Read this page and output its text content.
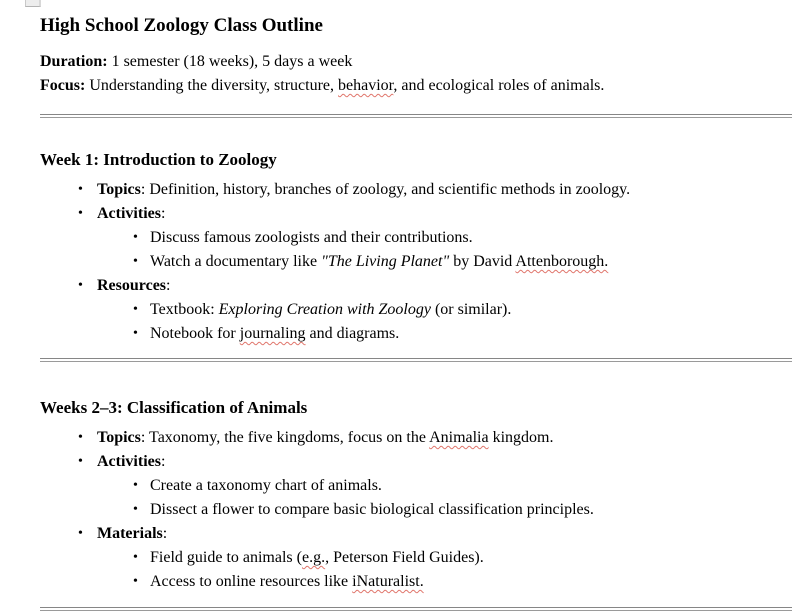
High School Zoology Class Outline

Duration: 1 semester (18 weeks), 5 days a week

Focus: Understanding the diversity, structure, behavior, and ecological roles of animals.

Week 1: Introduction to Zoology
• Topics: Definition, history, branches of zoology, and scientific methods in zoology.
• Activities:
• Discuss famous zoologists and their contributions.
• Watch a documentary like "The Living Planet" by David Attenborough.
• Resources:
• Textbook: Exploring Creation with Zoology (or similar).
• Notebook for journaling and diagrams.
Weeks 2–3: Classification of Animals
• Topics: Taxonomy, the five kingdoms, focus on the Animalia kingdom.
• Activities:
• Create a taxonomy chart of animals.
• Dissect a flower to compare basic biological classification principles.
• Materials:
• Field guide to animals (e.g., Peterson Field Guides).
• Access to online resources like iNaturalist.
